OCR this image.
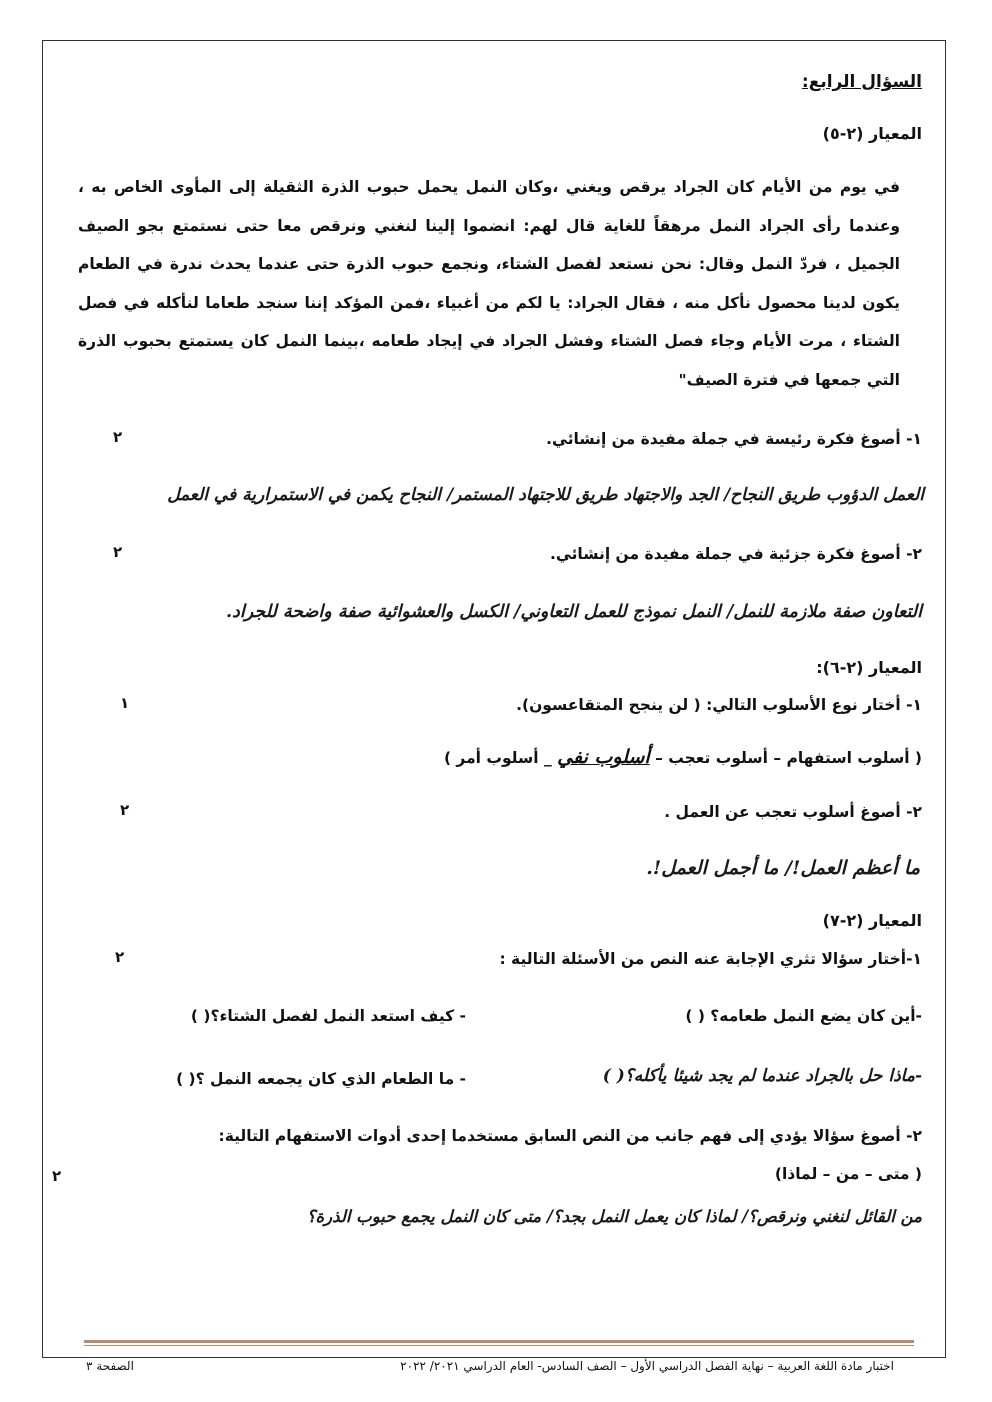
السؤال الرابع:
المعيار (٢-٥)
في يوم من الأيام كان الجراد يرقص ويغني ،وكان النمل يحمل حبوب الذرة الثقيلة إلى المأوى الخاص به ، وعندما رأى الجراد النمل مرهقاً للغاية قال لهم: انضموا إلينا لنغني ونرقص معا حتى نستمتع بجو الصيف الجميل ، فردّ النمل وقال: نحن نستعد لفصل الشتاء، ونجمع حبوب الذرة حتى عندما يحدث ندرة في الطعام يكون لدينا محصول نأكل منه ، فقال الجراد: يا لكم من أغبياء ،فمن المؤكد إننا سنجد طعاما لنأكله في فصل الشتاء ، مرت الأيام وجاء فصل الشتاء وفشل الجراد في إيجاد طعامه ،بينما النمل كان يستمتع بحبوب الذرة التي جمعها في فترة الصيف"
١- أصوغ فكرة رئيسة في جملة مفيدة من إنشائي.
٢
العمل الدؤوب طريق النجاح/ الجد والاجتهاد طريق للاجتهاد المستمر/ النجاح يكمن في الاستمرارية في العمل
٢- أصوغ فكرة جزئية في جملة مفيدة من إنشائي.
٢
التعاون صفة ملازمة للنمل/ النمل نموذج للعمل التعاوني/ الكسل والعشوائية صفة واضحة للجراد.
المعيار (٢-٦):
١- أختار نوع الأسلوب التالي: ( لن ينجح المتقاعسون).
١
( أسلوب استفهام – أسلوب تعجب – أسلوب نفي _ أسلوب أمر )
٢- أصوغ أسلوب تعجب عن العمل .
٢
ما أعظم العمل!/ ما أجمل العمل!.
المعيار (٢-٧)
١-أختار سؤالا تثري الإجابة عنه النص من الأسئلة التالية :
٢
-أين كان يضع النمل طعامه؟ ( )
- كيف استعد النمل لفصل الشتاء؟( )
-ماذا حل بالجراد عندما لم يجد شيئا يأكله؟( )
- ما الطعام الذي كان يجمعه النمل ؟( )
٢- أصوغ سؤالا يؤدي إلى فهم جانب من النص السابق مستخدما إحدى أدوات الاستفهام التالية:
( متى – من – لماذا)
٢
من القائل لنغني ونرقص؟/ لماذا كان يعمل النمل بجد؟/ متى كان النمل يجمع حبوب الذرة؟
اختبار مادة اللغة العربية – نهاية الفصل الدراسي الأول – الصف السادس- العام الدراسي ٢٠٢١/ ٢٠٢٢
الصفحة ٣
